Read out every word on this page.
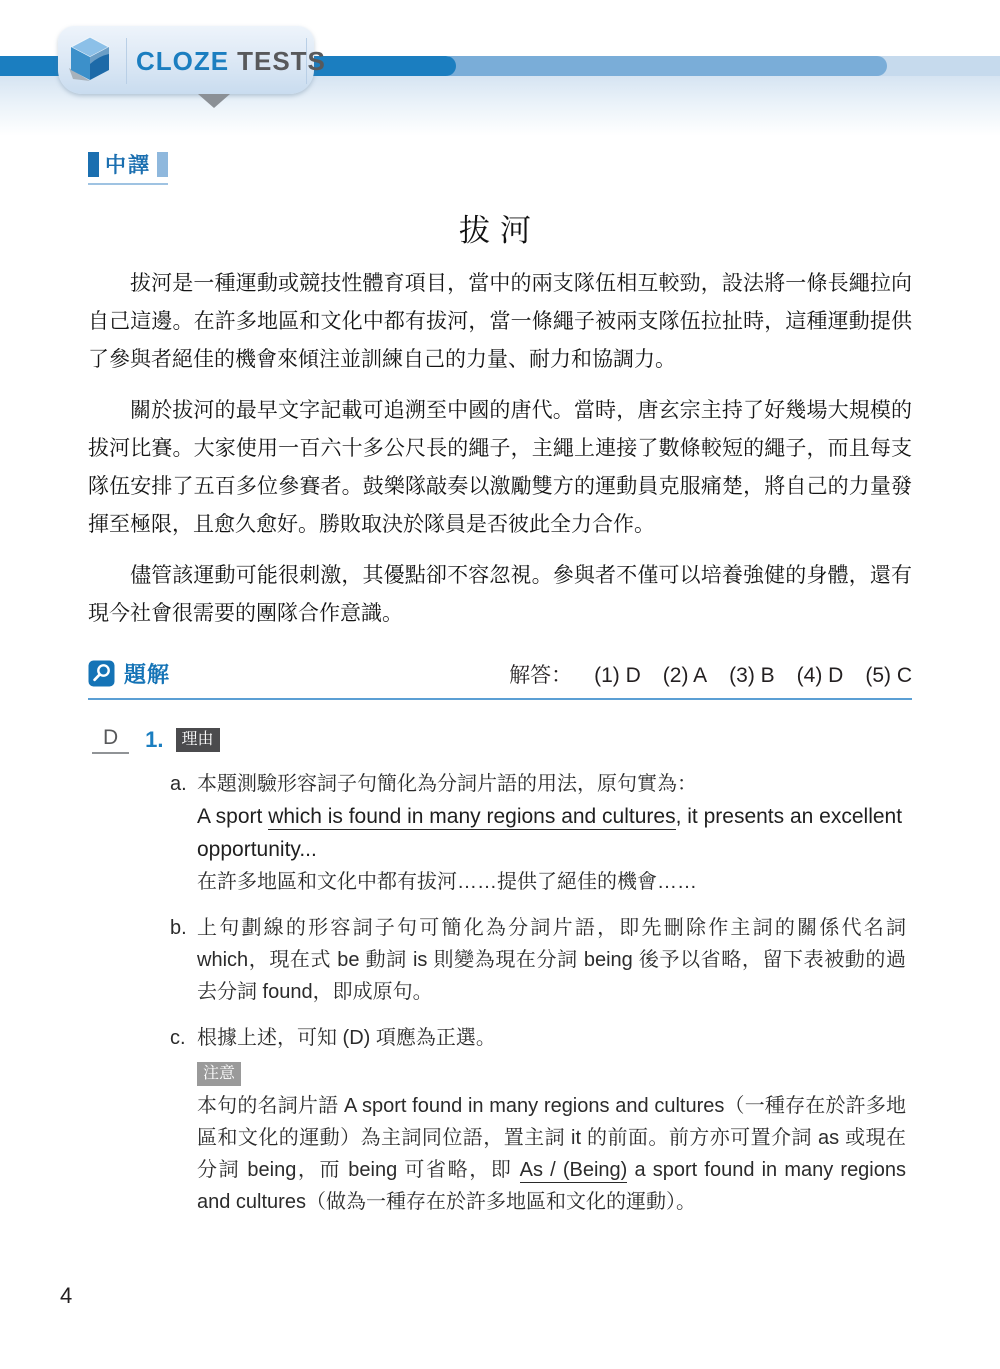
CLOZE TESTS
中譯
拔河

拔河是一種運動或競技性體育項目，當中的兩支隊伍相互較勁，設法將一條長繩拉向自己這邊。在許多地區和文化中都有拔河，當一條繩子被兩支隊伍拉扯時，這種運動提供了參與者絕佳的機會來傾注並訓練自己的力量、耐力和協調力。

關於拔河的最早文字記載可追溯至中國的唐代。當時，唐玄宗主持了好幾場大規模的拔河比賽。大家使用一百六十多公尺長的繩子，主繩上連接了數條較短的繩子，而且每支隊伍安排了五百多位參賽者。鼓樂隊敲奏以激勵雙方的運動員克服痛楚，將自己的力量發揮至極限，且愈久愈好。勝敗取決於隊員是否彼此全力合作。

儘管該運動可能很刺激，其優點卻不容忽視。參與者不僅可以培養強健的身體，還有現今社會很需要的團隊合作意識。

題解	解答： (1) D (2) A (3) B (4) D (5) C
D	1.	理由
a. 本題測驗形容詞子句簡化為分詞片語的用法，原句實為：
A sport which is found in many regions and cultures, it presents an excellent opportunity...
在許多地區和文化中都有拔河……提供了絕佳的機會……
b. 上句劃線的形容詞子句可簡化為分詞片語，即先刪除作主詞的關係代名詞 which，現在式 be 動詞 is 則變為現在分詞 being 後予以省略，留下表被動的過去分詞 found，即成原句。
c. 根據上述，可知 (D) 項應為正選。
注意
本句的名詞片語 A sport found in many regions and cultures（一種存在於許多地區和文化的運動）為主詞同位語，置主詞 it 的前面。前方亦可置介詞 as 或現在分詞 being，而 being 可省略，即 As / (Being) a sport found in many regions and cultures（做為一種存在於許多地區和文化的運動）。
4
